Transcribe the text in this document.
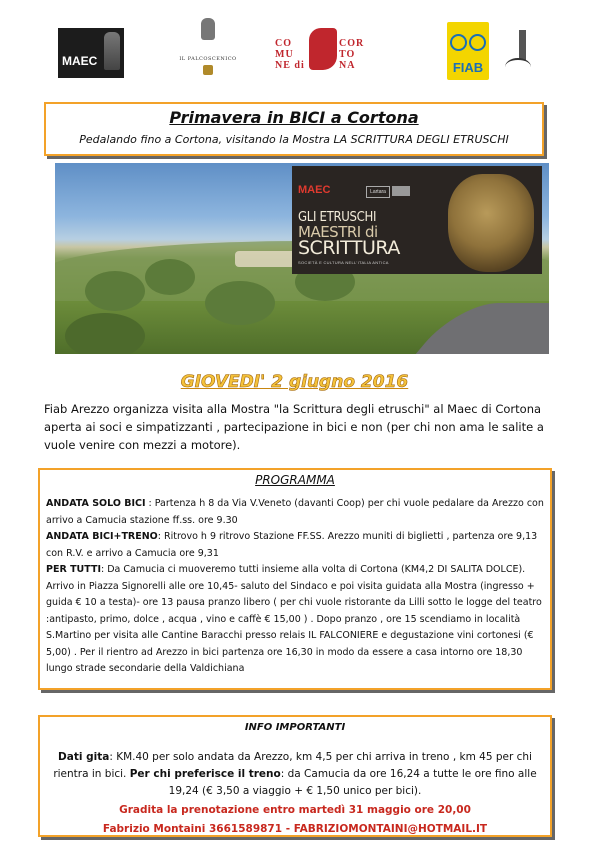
MAEC	IL PALCOSCENICO
CO
MU
NE di
COR
TO
NA	FIAB
Primavera in BICI a Cortona
Pedalando fino a Cortona, visitando la Mostra LA SCRITTURA DEGLI ETRUSCHI
MAEC	Lartara
GLI ETRUSCHI
MAESTRI di
SCRITTURA
SOCIETÀ E CULTURA NELL'ITALIA ANTICA
GIOVEDI' 2 giugno 2016
Fiab Arezzo organizza visita alla Mostra "la Scrittura degli etruschi" al Maec di Cortona aperta ai soci e simpatizzanti , partecipazione in bici e non (per chi non ama le salite a vuole venire con mezzi a motore).
PROGRAMMA
ANDATA SOLO BICI : Partenza h 8 da Via V.Veneto (davanti Coop) per chi vuole pedalare da Arezzo con arrivo a Camucia stazione ff.ss. ore 9.30
ANDATA BICI+TRENO: Ritrovo h 9 ritrovo Stazione FF.SS. Arezzo muniti di biglietti , partenza ore 9,13 con R.V. e arrivo a Camucia ore 9,31
PER TUTTI: Da Camucia ci muoveremo tutti insieme alla volta di Cortona (KM4,2 DI SALITA DOLCE). Arrivo in Piazza Signorelli alle ore 10,45- saluto del Sindaco e poi visita guidata alla Mostra (ingresso + guida € 10 a testa)- ore 13 pausa pranzo libero ( per chi vuole ristorante da Lilli sotto le logge del teatro :antipasto, primo, dolce , acqua , vino e caffè € 15,00 ) . Dopo pranzo , ore 15 scendiamo in località S.Martino per visita alle Cantine Baracchi presso relais IL FALCONIERE e degustazione vini cortonesi (€ 5,00) . Per il rientro ad Arezzo in bici partenza ore 16,30 in modo da essere a casa intorno ore 18,30 lungo strade secondarie della Valdichiana
INFO IMPORTANTI
Dati gita: KM.40 per solo andata da Arezzo, km 4,5 per chi arriva in treno , km 45 per chi rientra in bici. Per chi preferisce il treno: da Camucia da ore 16,24 a tutte le ore fino alle 19,24 (€ 3,50 a viaggio + € 1,50 unico per bici).
Gradita la prenotazione entro martedì 31 maggio ore 20,00
Fabrizio Montaini 3661589871 - FABRIZIOMONTAINI@HOTMAIL.IT
